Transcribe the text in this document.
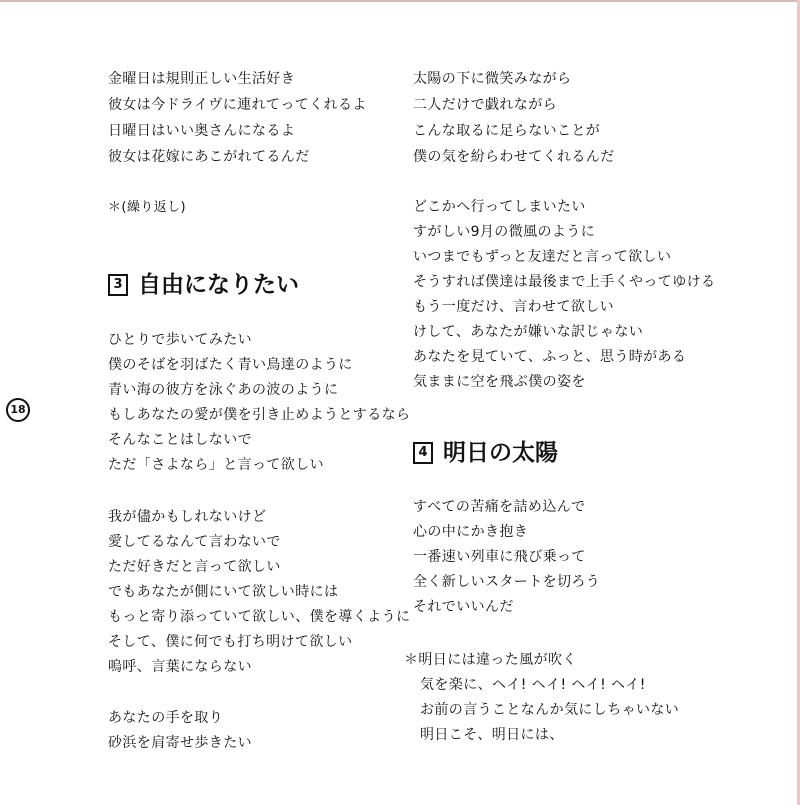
18
金曜日は規則正しい生活好き
彼女は今ドライヴに連れてってくれるよ
日曜日はいい奥さんになるよ
彼女は花嫁にあこがれてるんだ
＊(繰り返し)
3 自由になりたい
ひとりで歩いてみたい
僕のそばを羽ばたく青い鳥達のように
青い海の彼方を泳ぐあの波のように
もしあなたの愛が僕を引き止めようとするなら
そんなことはしないで
ただ「さよなら」と言って欲しい
我が儘かもしれないけど
愛してるなんて言わないで
ただ好きだと言って欲しい
でもあなたが側にいて欲しい時には
もっと寄り添っていて欲しい、僕を導くように
そして、僕に何でも打ち明けて欲しい
嗚呼、言葉にならない
あなたの手を取り
砂浜を肩寄せ歩きたい
太陽の下に微笑みながら
二人だけで戯れながら
こんな取るに足らないことが
僕の気を紛らわせてくれるんだ
どこかへ行ってしまいたい
すがしい9月の微風のように
いつまでもずっと友達だと言って欲しい
そうすれば僕達は最後まで上手くやってゆける
もう一度だけ、言わせて欲しい
けして、あなたが嫌いな訳じゃない
あなたを見ていて、ふっと、思う時がある
気ままに空を飛ぶ僕の姿を
4 明日の太陽
すべての苦痛を詰め込んで
心の中にかき抱き
一番速い列車に飛び乗って
全く新しいスタートを切ろう
それでいいんだ
＊明日には違った風が吹く
気を楽に、ヘイ! ヘイ! ヘイ! ヘイ!
お前の言うことなんか気にしちゃいない
明日こそ、明日には、
